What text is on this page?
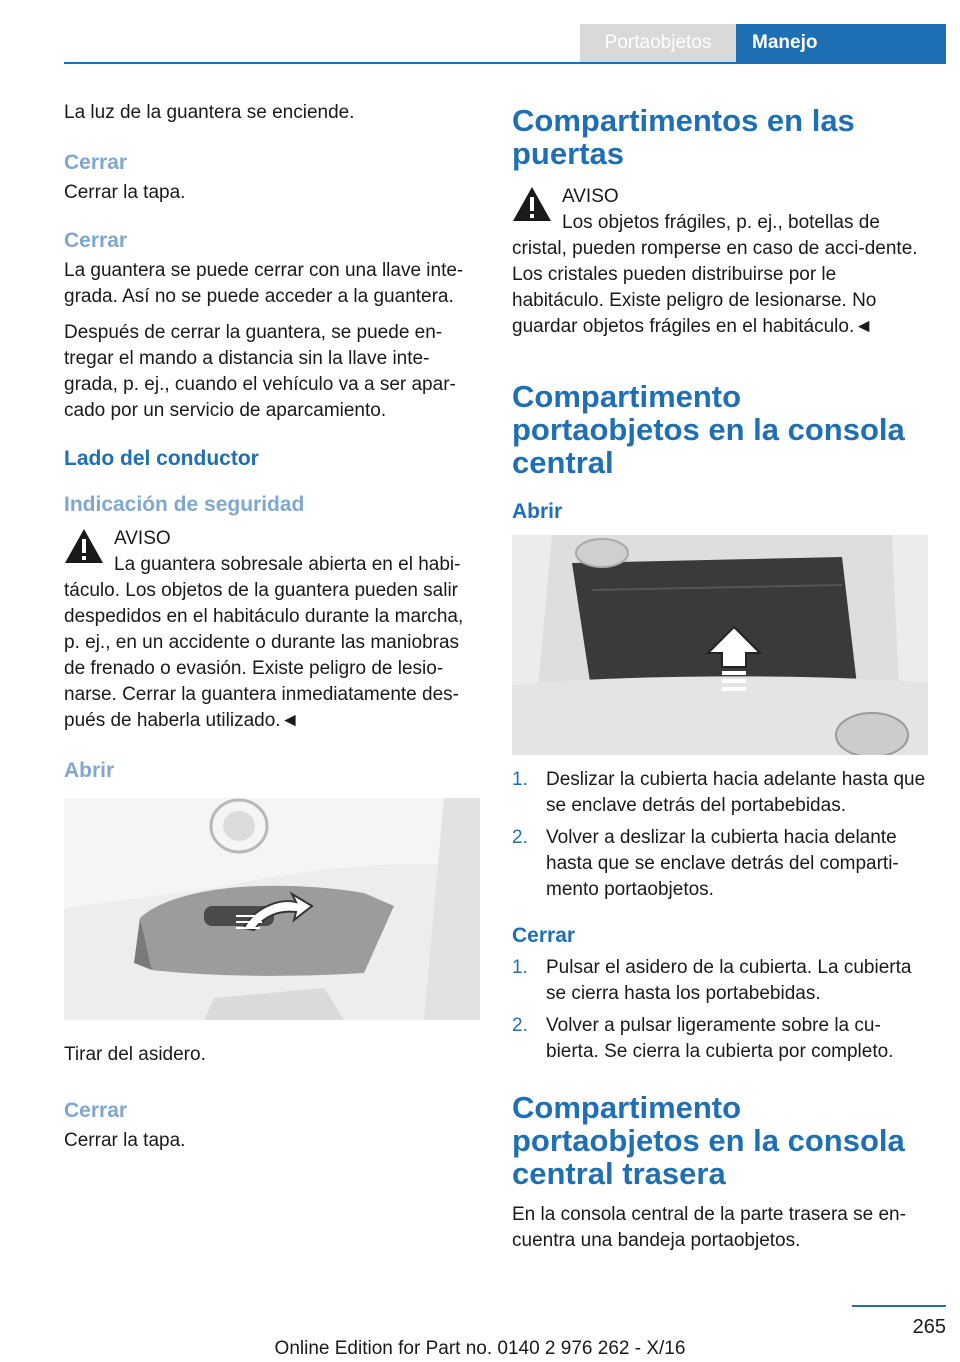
Portaobjetos	Manejo

La luz de la guantera se enciende.

Cerrar

Cerrar la tapa.

Cerrar

La guantera se puede cerrar con una llave inte-grada. Así no se puede acceder a la guantera.

Después de cerrar la guantera, se puede en-tregar el mando a distancia sin la llave inte-grada, p. ej., cuando el vehículo va a ser apar-cado por un servicio de aparcamiento.

Lado del conductor
Indicación de seguridad
AVISO
La guantera sobresale abierta en el habi-
táculo. Los objetos de la guantera pueden salir despedidos en el habitáculo durante la marcha, p. ej., en un accidente o durante las maniobras de frenado o evasión. Existe peligro de lesio-narse. Cerrar la guantera inmediatamente des-pués de haberla utilizado.◄
Abrir

Tirar del asidero.

Cerrar

Cerrar la tapa.

Compartimentos en las puertas
AVISO
Los objetos frágiles, p. ej., botellas de
cristal, pueden romperse en caso de acci-dente. Los cristales pueden distribuirse por le habitáculo. Existe peligro de lesionarse. No guardar objetos frágiles en el habitáculo.◄
Compartimento portaobjetos en la consola central
Abrir
1. Deslizar la cubierta hacia adelante hasta que se enclave detrás del portabebidas.
2. Volver a deslizar la cubierta hacia delante hasta que se enclave detrás del comparti-mento portaobjetos.
Cerrar
1. Pulsar el asidero de la cubierta. La cubierta se cierra hasta los portabebidas.
2. Volver a pulsar ligeramente sobre la cu-bierta. Se cierra la cubierta por completo.
Compartimento portaobjetos en la consola central trasera

En la consola central de la parte trasera se en-cuentra una bandeja portaobjetos.

265
Online Edition for Part no. 0140 2 976 262 - X/16
